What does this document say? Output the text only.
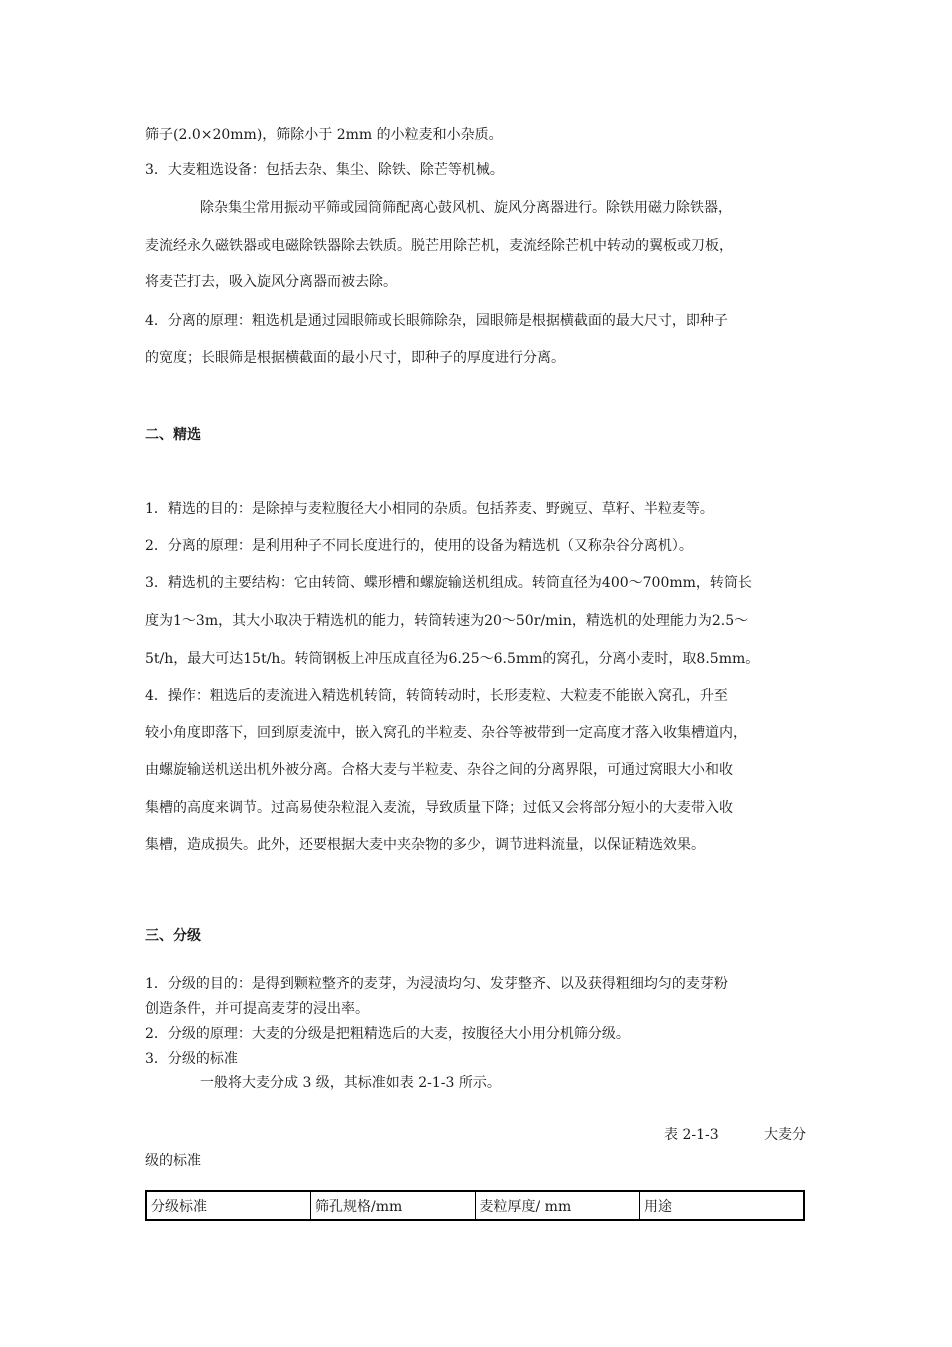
筛子(2.0×20mm)，筛除小于 2mm 的小粒麦和小杂质。
3．大麦粗选设备：包括去杂、集尘、除铁、除芒等机械。
除杂集尘常用振动平筛或园筒筛配离心鼓风机、旋风分离器进行。除铁用磁力除铁器，
麦流经永久磁铁器或电磁除铁器除去铁质。脱芒用除芒机，麦流经除芒机中转动的翼板或刀板，
将麦芒打去，吸入旋风分离器而被去除。
4．分离的原理：粗选机是通过园眼筛或长眼筛除杂，园眼筛是根据横截面的最大尺寸，即种子
的宽度；长眼筛是根据横截面的最小尺寸，即种子的厚度进行分离。
二、精选
1．精选的目的：是除掉与麦粒腹径大小相同的杂质。包括荞麦、野豌豆、草籽、半粒麦等。
2．分离的原理：是利用种子不同长度进行的，使用的设备为精选机（又称杂谷分离机）。
3．精选机的主要结构：它由转筒、蝶形槽和螺旋输送机组成。转筒直径为400～700mm，转筒长
度为1～3m，其大小取决于精选机的能力，转筒转速为20～50r/min，精选机的处理能力为2.5～
5t/h，最大可达15t/h。转筒钢板上冲压成直径为6.25～6.5mm的窝孔，分离小麦时，取8.5mm。
4．操作：粗选后的麦流进入精选机转筒，转筒转动时，长形麦粒、大粒麦不能嵌入窝孔，升至
较小角度即落下，回到原麦流中，嵌入窝孔的半粒麦、杂谷等被带到一定高度才落入收集槽道内，
由螺旋输送机送出机外被分离。合格大麦与半粒麦、杂谷之间的分离界限，可通过窝眼大小和收
集槽的高度来调节。过高易使杂粒混入麦流，导致质量下降；过低又会将部分短小的大麦带入收
集槽，造成损失。此外，还要根据大麦中夹杂物的多少，调节进料流量，以保证精选效果。
三、分级
1．分级的目的：是得到颗粒整齐的麦芽，为浸渍均匀、发芽整齐、以及获得粗细均匀的麦芽粉
创造条件，并可提高麦芽的浸出率。
2．分级的原理：大麦的分级是把粗精选后的大麦，按腹径大小用分机筛分级。
3．分级的标准
一般将大麦分成 3 级，其标准如表 2-1-3 所示。
表 2-1-3	大麦分
级的标准
分级标准	筛孔规格/mm	麦粒厚度/ mm	用途
